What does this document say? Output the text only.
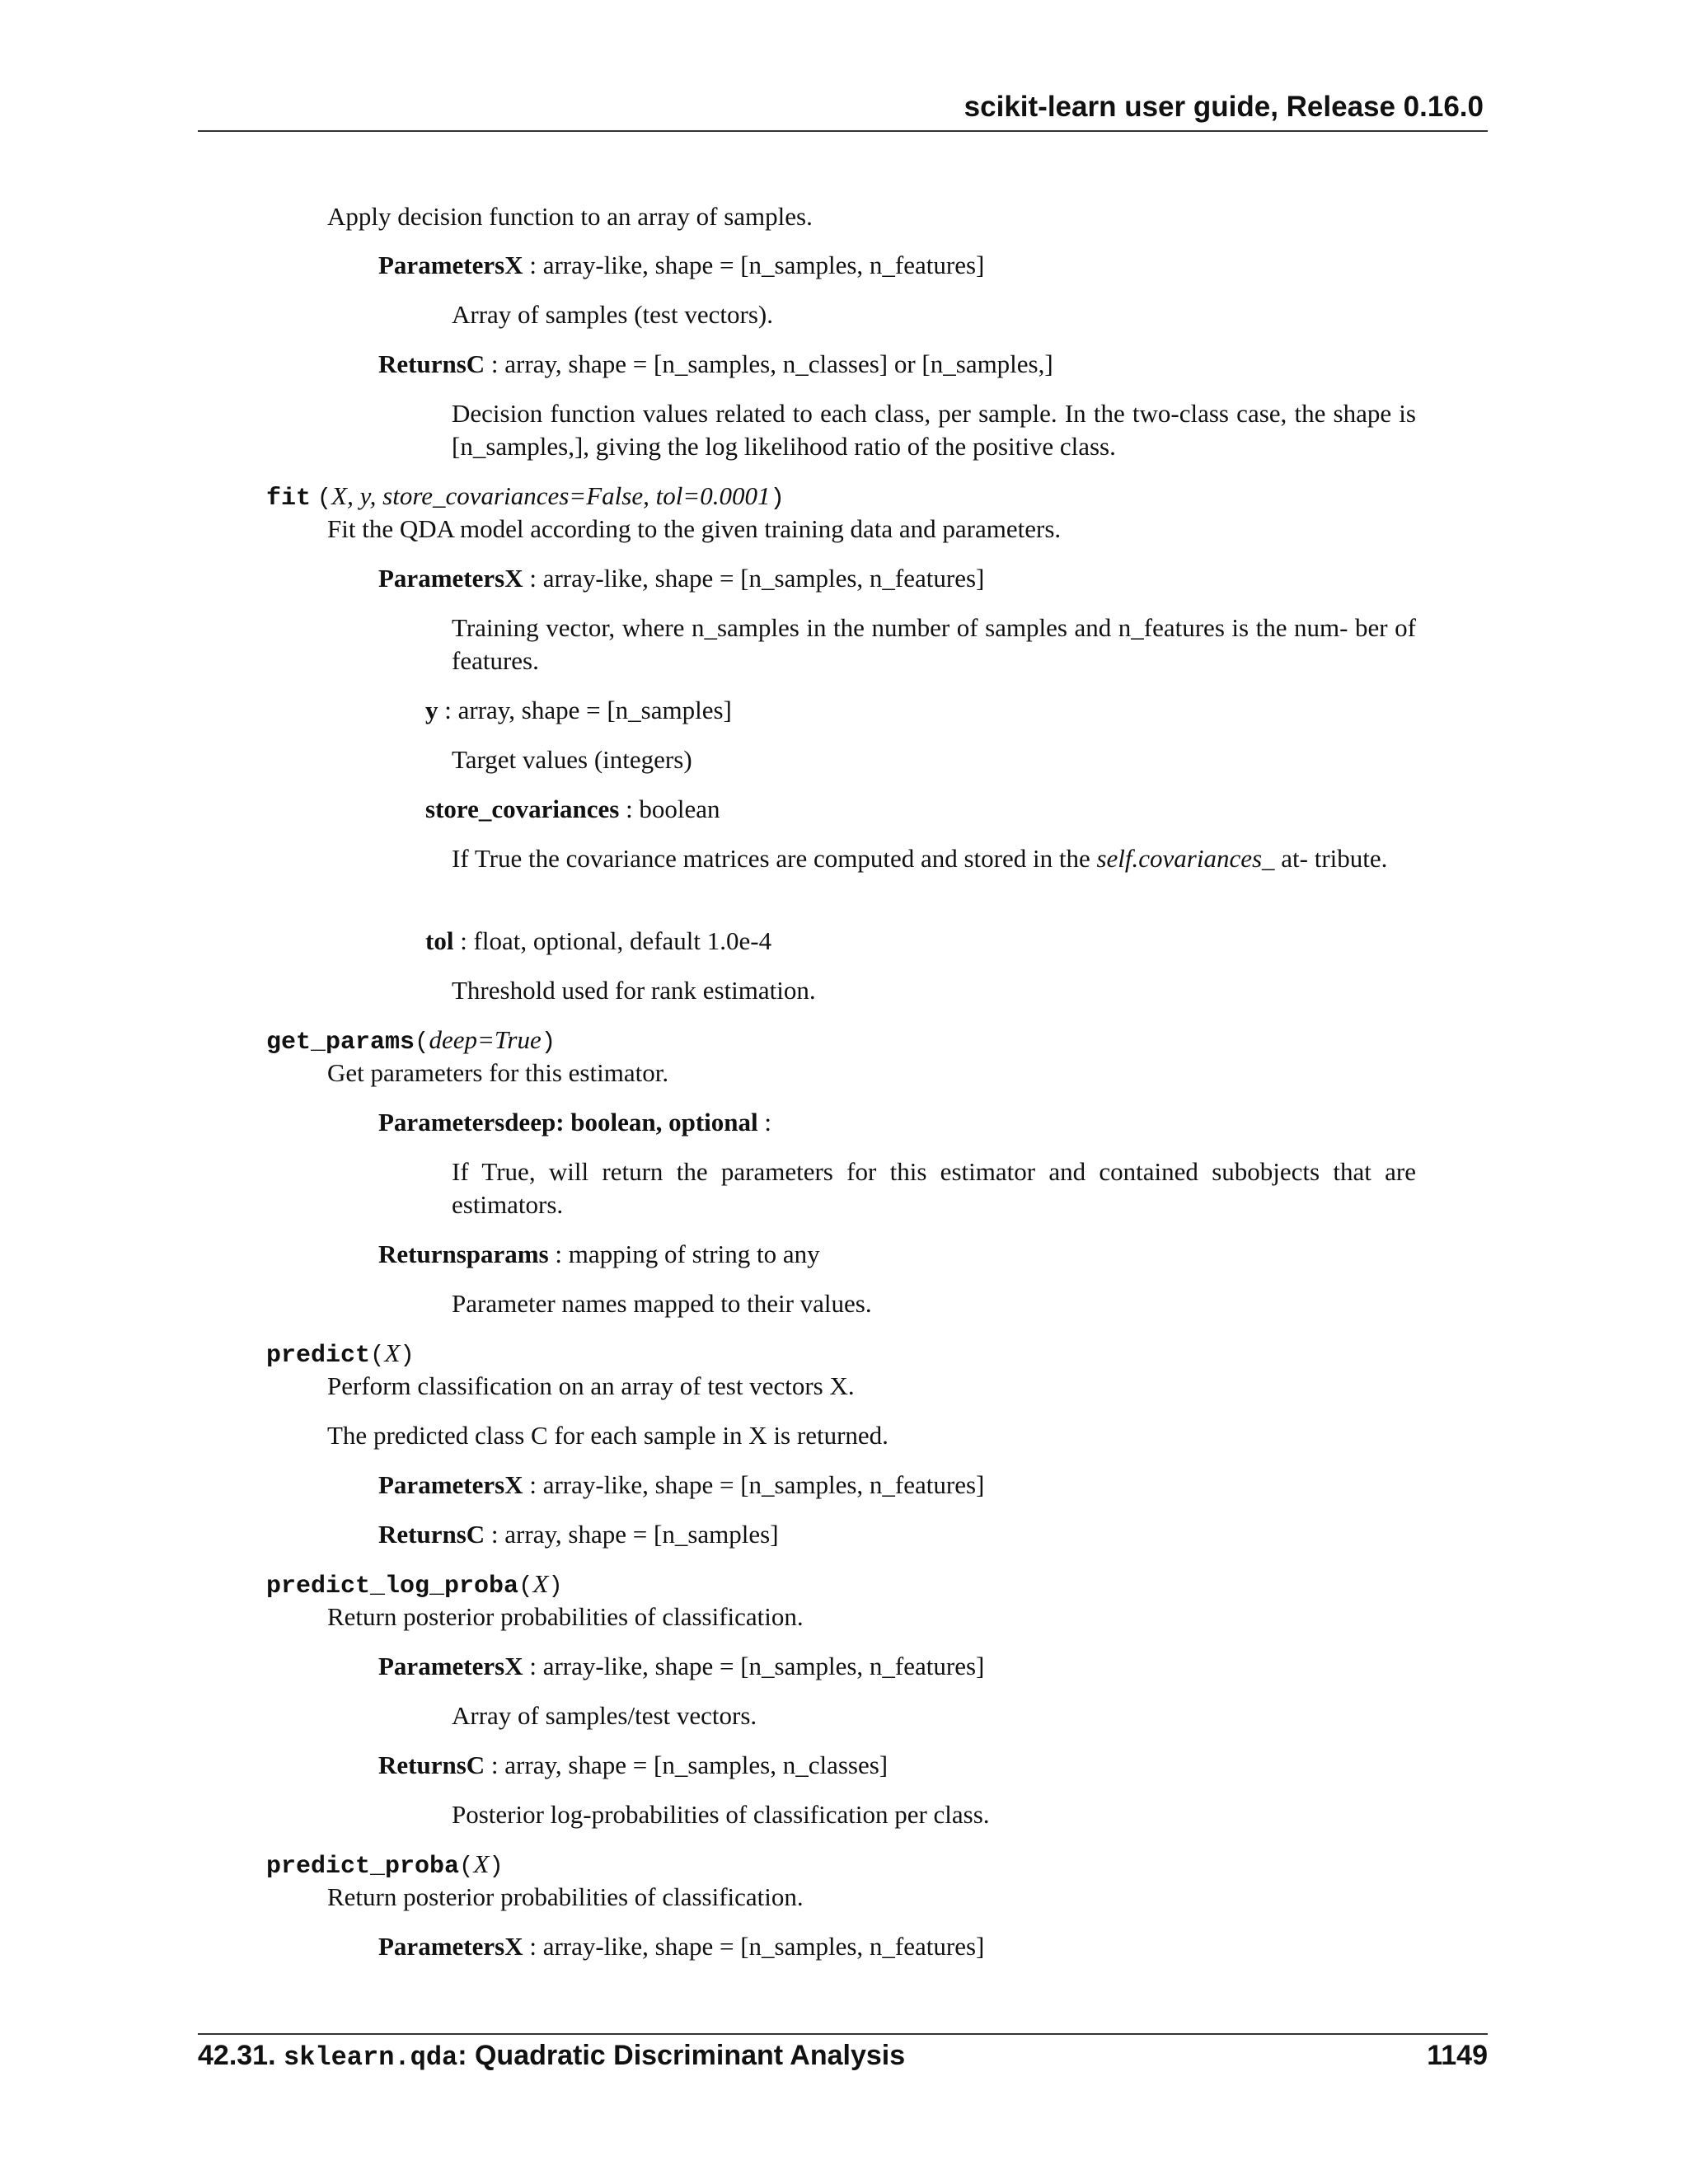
scikit-learn user guide, Release 0.16.0
Apply decision function to an array of samples.
ParametersX : array-like, shape = [n_samples, n_features]
Array of samples (test vectors).
ReturnsC : array, shape = [n_samples, n_classes] or [n_samples,]
Decision function values related to each class, per sample. In the two-class case, the shape is [n_samples,], giving the log likelihood ratio of the positive class.
fit (X, y, store_covariances=False, tol=0.0001)
Fit the QDA model according to the given training data and parameters.
ParametersX : array-like, shape = [n_samples, n_features]
Training vector, where n_samples in the number of samples and n_features is the num- ber of features.
y : array, shape = [n_samples]
Target values (integers)
store_covariances : boolean
If True the covariance matrices are computed and stored in the self.covariances_ at- tribute.
tol : float, optional, default 1.0e-4
Threshold used for rank estimation.
get_params(deep=True)
Get parameters for this estimator.
Parametersdeep: boolean, optional :
If True, will return the parameters for this estimator and contained subobjects that are estimators.
Returnsparams : mapping of string to any
Parameter names mapped to their values.
predict(X)
Perform classification on an array of test vectors X.
The predicted class C for each sample in X is returned.
ParametersX : array-like, shape = [n_samples, n_features]
ReturnsC : array, shape = [n_samples]
predict_log_proba(X)
Return posterior probabilities of classification.
ParametersX : array-like, shape = [n_samples, n_features]
Array of samples/test vectors.
ReturnsC : array, shape = [n_samples, n_classes]
Posterior log-probabilities of classification per class.
predict_proba(X)
Return posterior probabilities of classification.
ParametersX : array-like, shape = [n_samples, n_features]
42.31. sklearn.qda: Quadratic Discriminant Analysis	1149
